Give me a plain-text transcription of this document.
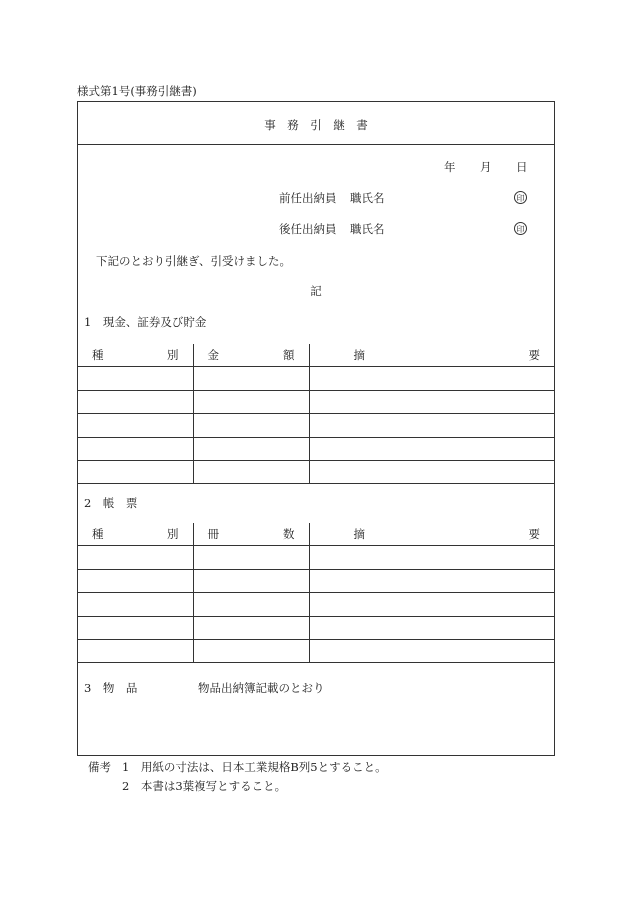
様式第1号(事務引継書)
事　務　引　継　書
年 月 日
前任出納員 職氏名	印
後任出納員 職氏名	印
下記のとおり引継ぎ、引受けました。
記
1　現金、証券及び貯金
種 別	金 額	摘 要

2　帳　票
種 別	冊 数	摘 要

3　物　品	物品出納簿記載のとおり
備考 1　用紙の寸法は、日本工業規格B列5とすること。
2　本書は3葉複写とすること。
